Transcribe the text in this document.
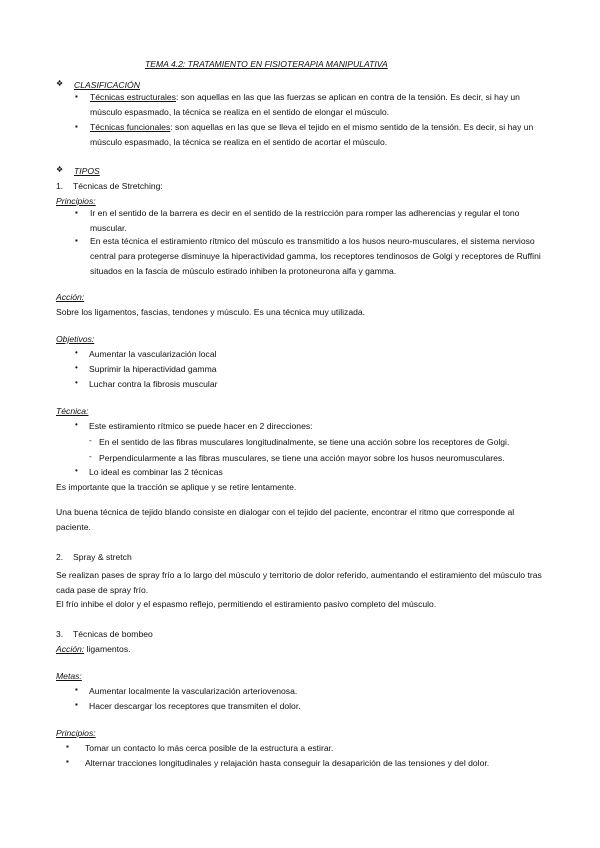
TEMA 4.2: TRATAMIENTO EN FISIOTERAPIA MANIPULATIVA
❖ CLASIFICACIÓN
▪ Técnicas estructurales: son aquellas en las que las fuerzas se aplican en contra de la tensión. Es decir, si hay un músculo espasmado, la técnica se realiza en el sentido de elongar el músculo.
▪ Técnicas funcionales: son aquellas en las que se lleva el tejido en el mismo sentido de la tensión. Es decir, si hay un músculo espasmado, la técnica se realiza en el sentido de acortar el músculo.
❖ TIPOS
1. Técnicas de Stretching:
Principios:
▪ Ir en el sentido de la barrera es decir en el sentido de la restricción para romper las adherencias y regular el tono muscular.
▪ En esta técnica el estiramiento rítmico del músculo es transmitido a los husos neuro-musculares, el sistema nervioso central para protegerse disminuye la hiperactividad gamma, los receptores tendinosos de Golgi y receptores de Ruffini situados en la fascia de músculo estirado inhiben la protoneurona alfa y gamma.
Acción:
Sobre los ligamentos, fascias, tendones y músculo. Es una técnica muy utilizada.
Objetivos:
• Aumentar la vascularización local
• Suprimir la hiperactividad gamma
• Luchar contra la fibrosis muscular
Técnica:
• Este estiramiento rítmico se puede hacer en 2 direcciones:
- En el sentido de las fibras musculares longitudinalmente, se tiene una acción sobre los receptores de Golgi.
- Perpendicularmente a las fibras musculares, se tiene una acción mayor sobre los husos neuromusculares.
• Lo ideal es combinar las 2 técnicas
Es importante que la tracción se aplique y se retire lentamente.
Una buena técnica de tejido blando consiste en dialogar con el tejido del paciente, encontrar el ritmo que corresponde al paciente.
2. Spray & stretch
Se realizan pases de spray frío a lo largo del músculo y territorio de dolor referido, aumentando el estiramiento del músculo tras cada pase de spray frío.
El frío inhibe el dolor y el espasmo reflejo, permitiendo el estiramiento pasivo completo del músculo.
3. Técnicas de bombeo
Acción: ligamentos.
Metas:
▪ Aumentar localmente la vascularización arteriovenosa.
▪ Hacer descargar los receptores que transmiten el dolor.
Principios:
▪ Tomar un contacto lo más cerca posible de la estructura a estirar.
▪ Alternar tracciones longitudinales y relajación hasta conseguir la desaparición de las tensiones y del dolor.
